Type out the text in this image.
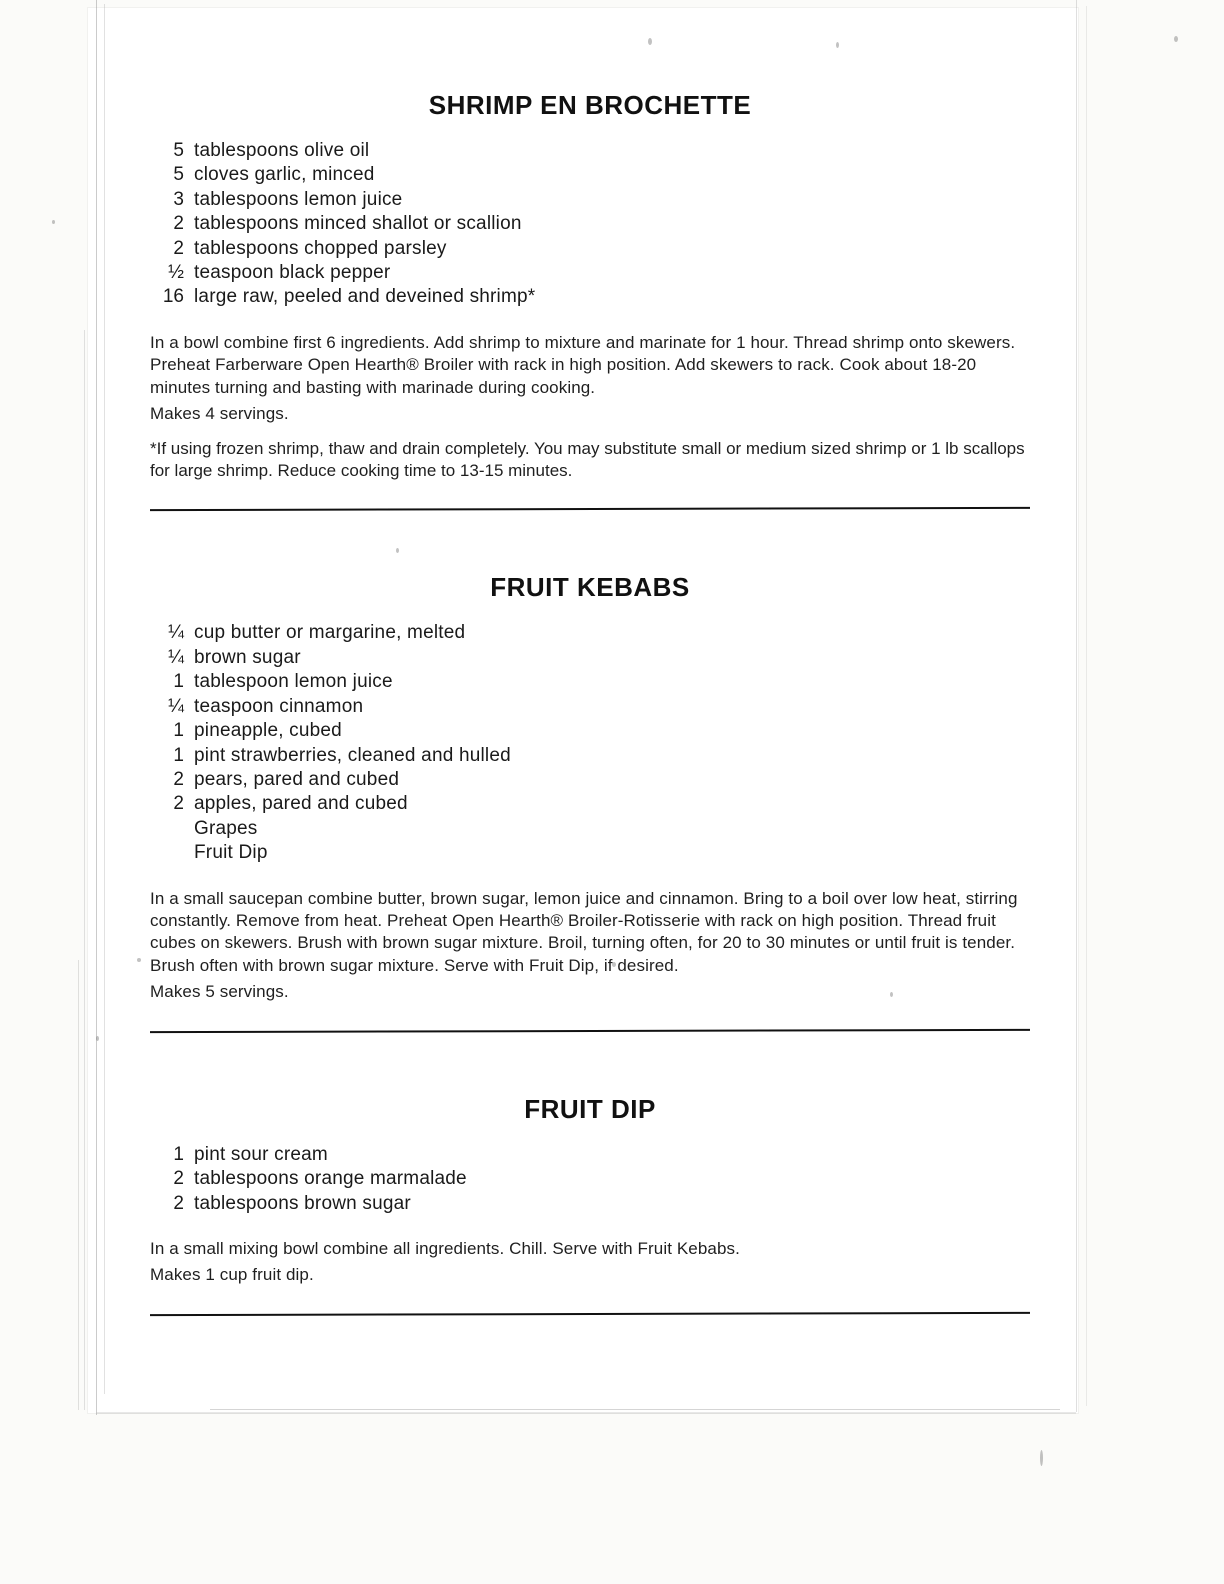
SHRIMP EN BROCHETTE
5 tablespoons olive oil
5 cloves garlic, minced
3 tablespoons lemon juice
2 tablespoons minced shallot or scallion
2 tablespoons chopped parsley
½ teaspoon black pepper
16 large raw, peeled and deveined shrimp*

In a bowl combine first 6 ingredients. Add shrimp to mixture and marinate for 1 hour. Thread shrimp onto skewers. Preheat Farberware Open Hearth® Broiler with rack in high position. Add skewers to rack. Cook about 18-20 minutes turning and basting with marinade during cooking.

Makes 4 servings.

*If using frozen shrimp, thaw and drain completely. You may substitute small or medium sized shrimp or 1 lb scallops for large shrimp. Reduce cooking time to 13-15 minutes.

FRUIT KEBABS
¼ cup butter or margarine, melted
¼ brown sugar
1 tablespoon lemon juice
¼ teaspoon cinnamon
1 pineapple, cubed
1 pint strawberries, cleaned and hulled
2 pears, pared and cubed
2 apples, pared and cubed
Grapes
Fruit Dip

In a small saucepan combine butter, brown sugar, lemon juice and cinnamon. Bring to a boil over low heat, stirring constantly. Remove from heat. Preheat Open Hearth® Broiler-Rotisserie with rack on high position. Thread fruit cubes on skewers. Brush with brown sugar mixture. Broil, turning often, for 20 to 30 minutes or until fruit is tender. Brush often with brown sugar mixture. Serve with Fruit Dip, if desired.

Makes 5 servings.

FRUIT DIP
1 pint sour cream
2 tablespoons orange marmalade
2 tablespoons brown sugar

In a small mixing bowl combine all ingredients. Chill. Serve with Fruit Kebabs.

Makes 1 cup fruit dip.
